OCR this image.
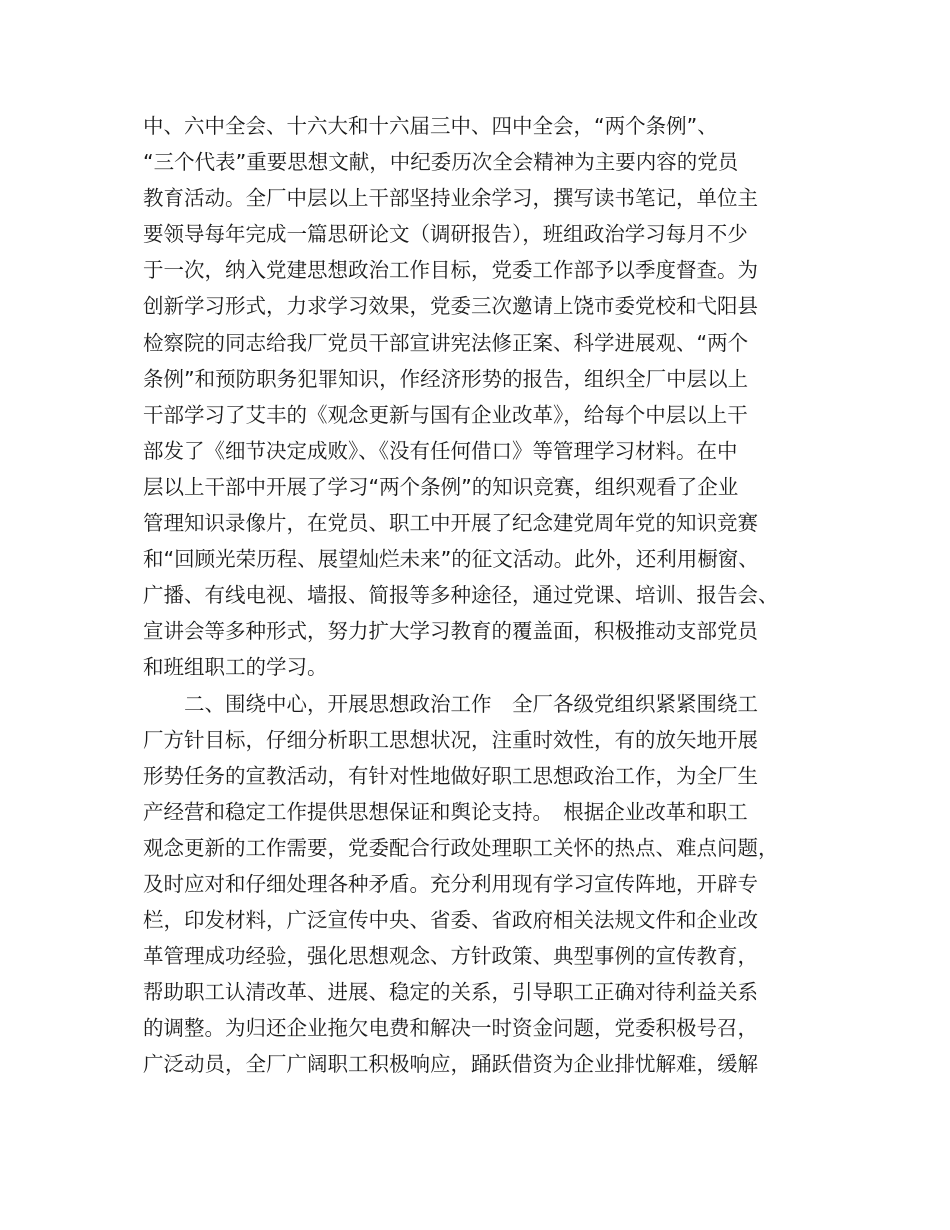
中、六中全会、十六大和十六届三中、四中全会，“两个条例”、
“三个代表”重要思想文献，中纪委历次全会精神为主要内容的党员
教育活动。全厂中层以上干部坚持业余学习，撰写读书笔记，单位主
要领导每年完成一篇思研论文（调研报告），班组政治学习每月不少
于一次，纳入党建思想政治工作目标，党委工作部予以季度督查。为
创新学习形式，力求学习效果，党委三次邀请上饶市委党校和弋阳县
检察院的同志给我厂党员干部宣讲宪法修正案、科学进展观、“两个
条例”和预防职务犯罪知识，作经济形势的报告，组织全厂中层以上
干部学习了艾丰的《观念更新与国有企业改革》，给每个中层以上干
部发了《细节决定成败》、《没有任何借口》等管理学习材料。在中
层以上干部中开展了学习“两个条例”的知识竞赛，组织观看了企业
管理知识录像片，在党员、职工中开展了纪念建党周年党的知识竞赛
和“回顾光荣历程、展望灿烂未来”的征文活动。此外，还利用橱窗、
广播、有线电视、墙报、简报等多种途径，通过党课、培训、报告会、
宣讲会等多种形式，努力扩大学习教育的覆盖面，积极推动支部党员
和班组职工的学习。
二、围绕中心，开展思想政治工作　全厂各级党组织紧紧围绕工
厂方针目标，仔细分析职工思想状况，注重时效性，有的放矢地开展
形势任务的宣教活动，有针对性地做好职工思想政治工作，为全厂生
产经营和稳定工作提供思想保证和舆论支持。　根据企业改革和职工
观念更新的工作需要，党委配合行政处理职工关怀的热点、难点问题，
及时应对和仔细处理各种矛盾。充分利用现有学习宣传阵地，开辟专
栏，印发材料，广泛宣传中央、省委、省政府相关法规文件和企业改
革管理成功经验，强化思想观念、方针政策、典型事例的宣传教育，
帮助职工认清改革、进展、稳定的关系，引导职工正确对待利益关系
的调整。为归还企业拖欠电费和解决一时资金问题，党委积极号召，
广泛动员，全厂广阔职工积极响应，踊跃借资为企业排忧解难，缓解
